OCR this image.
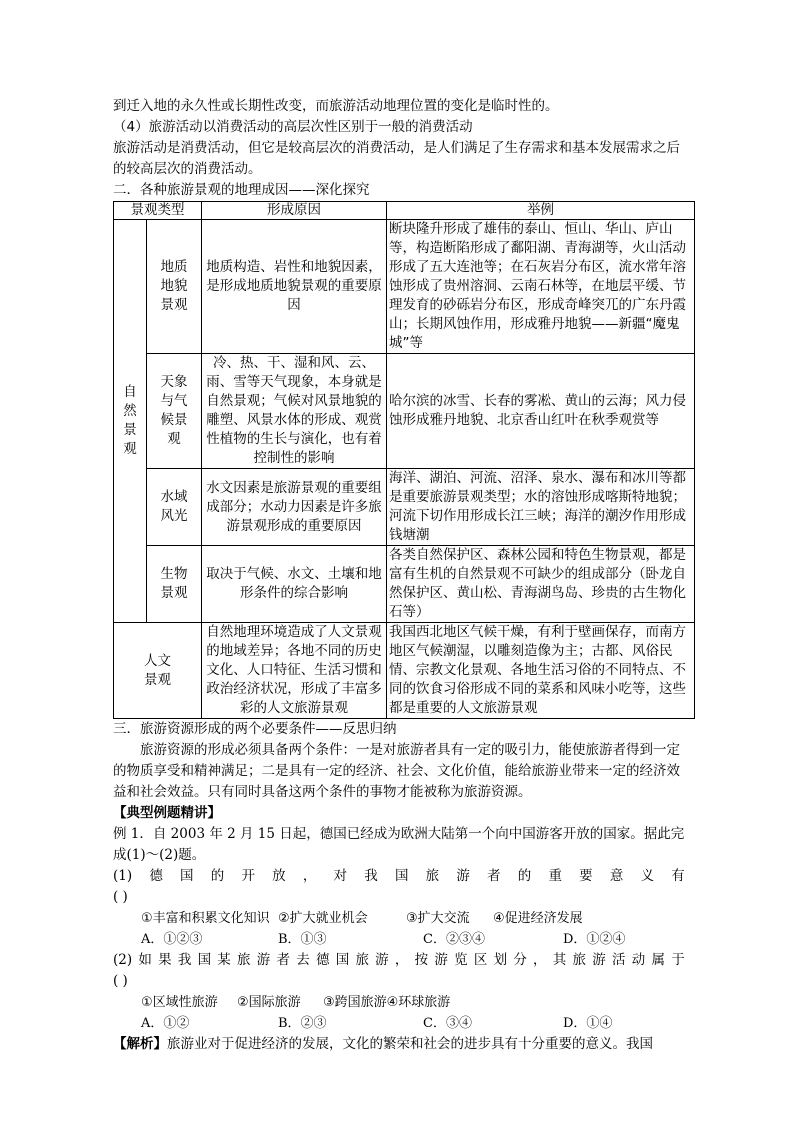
到迁入地的永久性或长期性改变，而旅游活动地理位置的变化是临时性的。
（4）旅游活动以消费活动的高层次性区别于一般的消费活动
旅游活动是消费活动，但它是较高层次的消费活动，是人们满足了生存需求和基本发展需求之后的较高层次的消费活动。
二．各种旅游景观的地理成因——深化探究
景观类型		形成原因	举例
自然景观	地质地貌景观	地质构造、岩性和地貌因素，是形成地质地貌景观的重要原因	断块隆升形成了雄伟的泰山、恒山、华山、庐山等，构造断陷形成了鄱阳湖、青海湖等，火山活动形成了五大连池等；在石灰岩分布区，流水常年溶蚀形成了贵州溶洞、云南石林等，在地层平缓、节理发育的砂砾岩分布区，形成奇峰突兀的广东丹霞山；长期风蚀作用，形成雅丹地貌——新疆“魔鬼城”等
	天象与气候景观	冷、热、干、湿和风、云、雨、雪等天气现象，本身就是自然景观；气候对风景地貌的雕塑、风景水体的形成、观赏性植物的生长与演化，也有着控制性的影响	哈尔滨的冰雪、长春的雾凇、黄山的云海；风力侵蚀形成雅丹地貌、北京香山红叶在秋季观赏等
	水域风光	水文因素是旅游景观的重要组成部分；水动力因素是许多旅游景观形成的重要原因	海洋、湖泊、河流、沼泽、泉水、瀑布和冰川等都是重要旅游景观类型；水的溶蚀形成喀斯特地貌；河流下切作用形成长江三峡；海洋的潮汐作用形成钱塘潮
	生物景观	取决于气候、水文、土壤和地形条件的综合影响	各类自然保护区、森林公园和特色生物景观，都是富有生机的自然景观不可缺少的组成部分（卧龙自然保护区、黄山松、青海湖鸟岛、珍贵的古生物化石等）
人文景观		自然地理环境造成了人文景观的地域差异；各地不同的历史文化、人口特征、生活习惯和政治经济状况，形成了丰富多彩的人文旅游景观	我国西北地区气候干燥，有利于壁画保存，而南方地区气候潮湿，以雕刻造像为主；古都、风俗民情、宗教文化景观、各地生活习俗的不同特点、不同的饮食习俗形成不同的菜系和风味小吃等，这些都是重要的人文旅游景观
三．旅游资源形成的两个必要条件——反思归纳
旅游资源的形成必须具备两个条件：一是对旅游者具有一定的吸引力，能使旅游者得到一定的物质享受和精神满足；二是具有一定的经济、社会、文化价值，能给旅游业带来一定的经济效益和社会效益。只有同时具备这两个条件的事物才能被称为旅游资源。
【典型例题精讲】
例 1．自 2003 年 2 月 15 日起，德国已经成为欧洲大陆第一个向中国游客开放的国家。据此完成(1)～(2)题。
(1) 德 国 的 开 放 ， 对 我 国 旅 游 者 的 重 要 意 义 有
( )
①丰富和积累文化知识 ②扩大就业机会	③扩大交流	④促进经济发展
A．①②③	B．①③	C．②③④	D．①②④
(2) 如 果 我 国 某 旅 游 者 去 德 国 旅 游 ， 按 游 览 区 划 分 ， 其 旅 游 活 动 属 于
( )
①区域性旅游	②国际旅游	③跨国旅游④环球旅游
A．①②	B．②③	C．③④	D．①④
【解析】旅游业对于促进经济的发展，文化的繁荣和社会的进步具有十分重要的意义。我国
